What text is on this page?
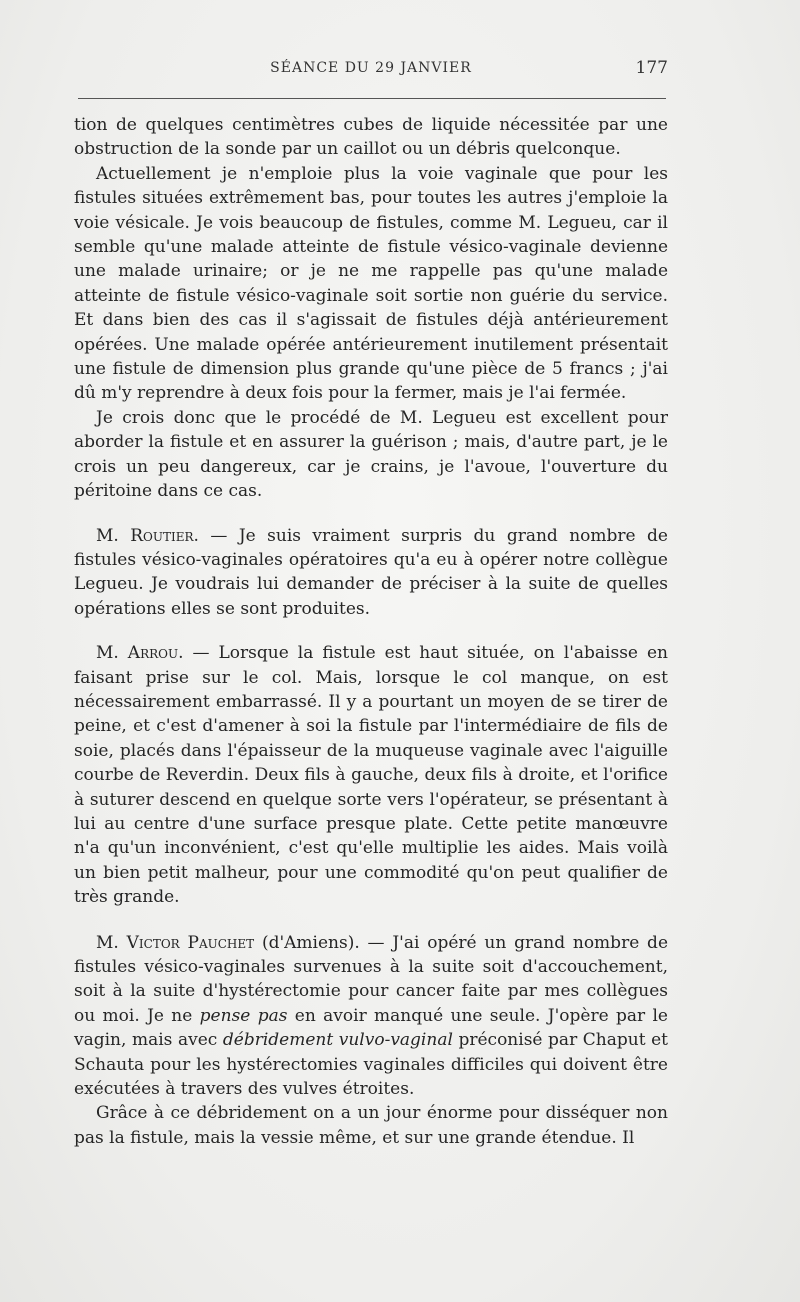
SÉANCE DU 29 JANVIER	177

tion de quelques centimètres cubes de liquide nécessitée par une obstruction de la sonde par un caillot ou un débris quelconque.

Actuellement je n'emploie plus la voie vaginale que pour les fistules situées extrêmement bas, pour toutes les autres j'emploie la voie vésicale. Je vois beaucoup de fistules, comme M. Legueu, car il semble qu'une malade atteinte de fistule vésico-vaginale devienne une malade urinaire; or je ne me rappelle pas qu'une malade atteinte de fistule vésico-vaginale soit sortie non guérie du service. Et dans bien des cas il s'agissait de fistules déjà antérieurement opérées. Une malade opérée antérieurement inutilement présentait une fistule de dimension plus grande qu'une pièce de 5 francs ; j'ai dû m'y reprendre à deux fois pour la fermer, mais je l'ai fermée.

Je crois donc que le procédé de M. Legueu est excellent pour aborder la fistule et en assurer la guérison ; mais, d'autre part, je le crois un peu dangereux, car je crains, je l'avoue, l'ouverture du péritoine dans ce cas.

M. Routier. — Je suis vraiment surpris du grand nombre de fistules vésico-vaginales opératoires qu'a eu à opérer notre collègue Legueu. Je voudrais lui demander de préciser à la suite de quelles opérations elles se sont produites.

M. Arrou. — Lorsque la fistule est haut située, on l'abaisse en faisant prise sur le col. Mais, lorsque le col manque, on est nécessairement embarrassé. Il y a pourtant un moyen de se tirer de peine, et c'est d'amener à soi la fistule par l'intermédiaire de fils de soie, placés dans l'épaisseur de la muqueuse vaginale avec l'aiguille courbe de Reverdin. Deux fils à gauche, deux fils à droite, et l'orifice à suturer descend en quelque sorte vers l'opérateur, se présentant à lui au centre d'une surface presque plate. Cette petite manœuvre n'a qu'un inconvénient, c'est qu'elle multiplie les aides. Mais voilà un bien petit malheur, pour une commodité qu'on peut qualifier de très grande.

M. Victor Pauchet (d'Amiens). — J'ai opéré un grand nombre de fistules vésico-vaginales survenues à la suite soit d'accouchement, soit à la suite d'hystérectomie pour cancer faite par mes collègues ou moi. Je ne pense pas en avoir manqué une seule. J'opère par le vagin, mais avec débridement vulvo-vaginal préconisé par Chaput et Schauta pour les hystérectomies vaginales difficiles qui doivent être exécutées à travers des vulves étroites.

Grâce à ce débridement on a un jour énorme pour disséquer non pas la fistule, mais la vessie même, et sur une grande étendue. Il
